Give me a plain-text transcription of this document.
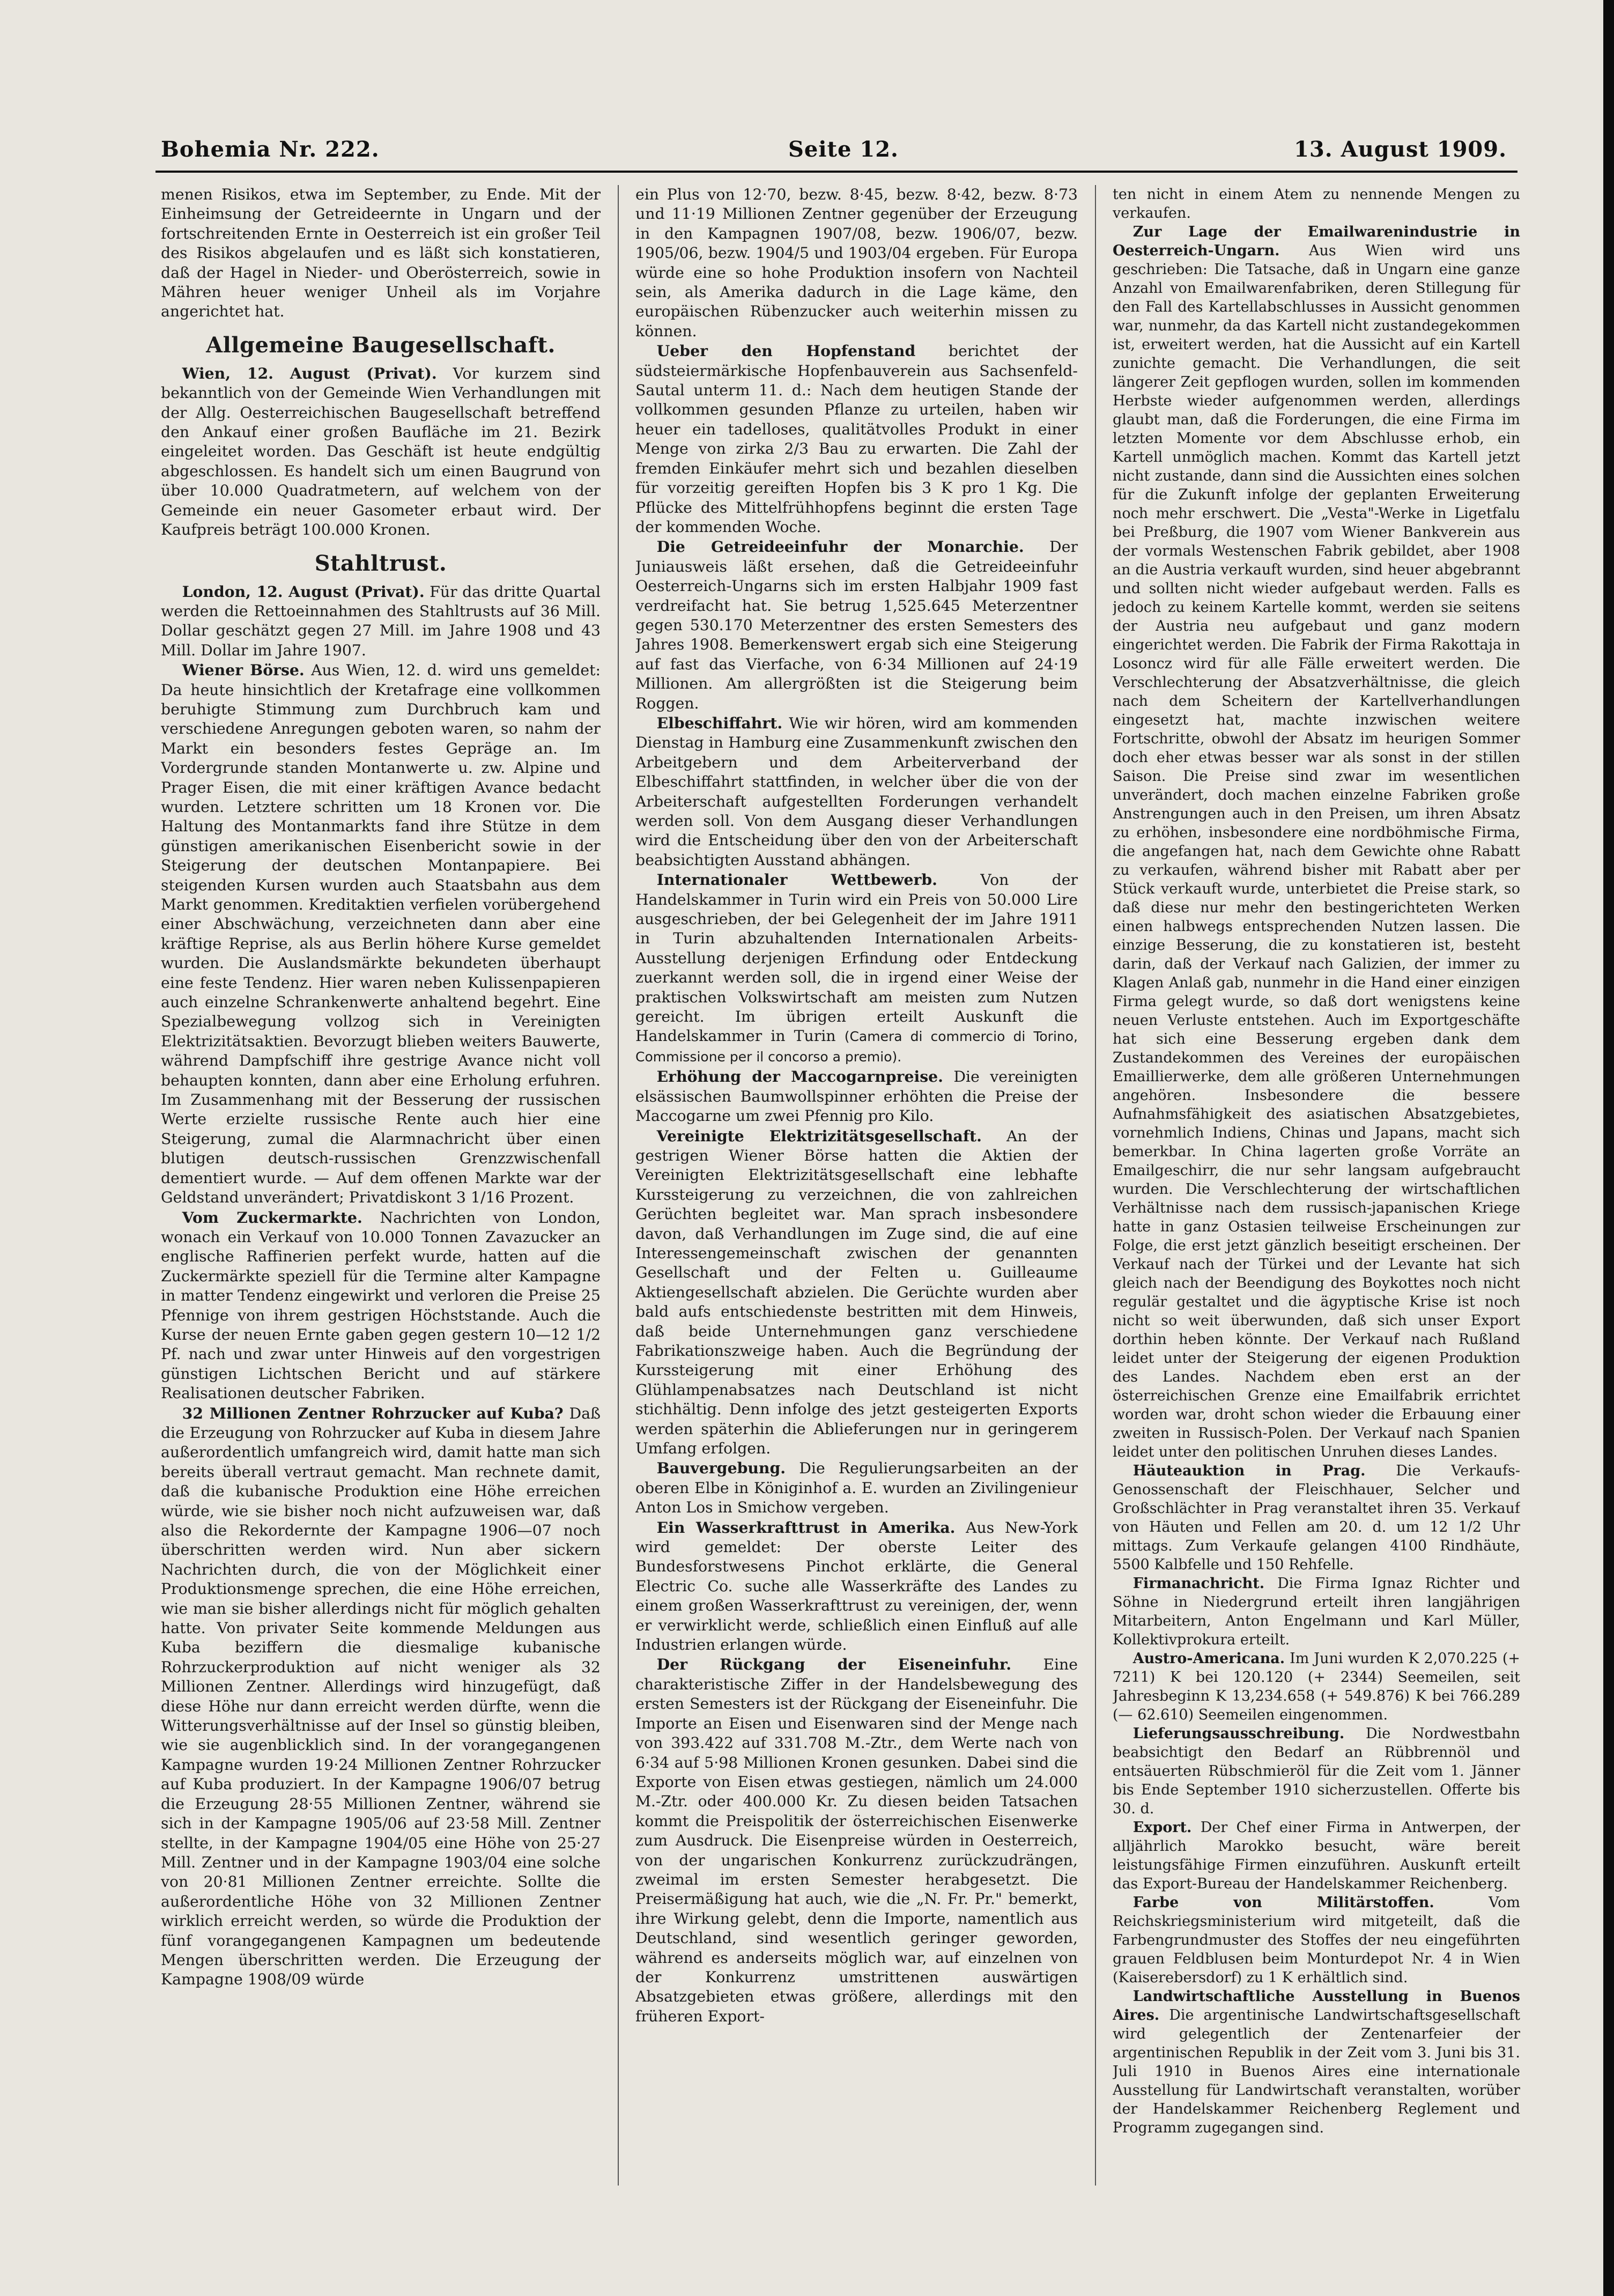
Bohemia Nr. 222.	Seite 12.	13. August 1909.

menen Risikos, etwa im September, zu Ende. Mit der Einheimsung der Getreideernte in Ungarn und der fortschreitenden Ernte in Oesterreich ist ein großer Teil des Risikos abgelaufen und es läßt sich konstatieren, daß der Hagel in Nieder- und Oberösterreich, sowie in Mähren heuer weniger Unheil als im Vorjahre angerichtet hat.

Allgemeine Baugesellschaft.

Wien, 12. August (Privat). Vor kurzem sind bekanntlich von der Gemeinde Wien Verhandlungen mit der Allg. Oesterreichischen Baugesellschaft betreffend den Ankauf einer großen Baufläche im 21. Bezirk eingeleitet worden. Das Geschäft ist heute endgültig abgeschlossen. Es handelt sich um einen Baugrund von über 10.000 Quadratmetern, auf welchem von der Gemeinde ein neuer Gasometer erbaut wird. Der Kaufpreis beträgt 100.000 Kronen.

Stahltrust.

London, 12. August (Privat). Für das dritte Quartal werden die Rettoeinnahmen des Stahltrusts auf 36 Mill. Dollar geschätzt gegen 27 Mill. im Jahre 1908 und 43 Mill. Dollar im Jahre 1907.

Wiener Börse. Aus Wien, 12. d. wird uns gemeldet: Da heute hinsichtlich der Kretafrage eine vollkommen beruhigte Stimmung zum Durchbruch kam und verschiedene Anregungen geboten waren, so nahm der Markt ein besonders festes Gepräge an. Im Vordergrunde standen Montanwerte u. zw. Alpine und Prager Eisen, die mit einer kräftigen Avance bedacht wurden. Letztere schritten um 18 Kronen vor. Die Haltung des Montanmarkts fand ihre Stütze in dem günstigen amerikanischen Eisenbericht sowie in der Steigerung der deutschen Montanpapiere. Bei steigenden Kursen wurden auch Staatsbahn aus dem Markt genommen. Kreditaktien verfielen vorübergehend einer Abschwächung, verzeichneten dann aber eine kräftige Reprise, als aus Berlin höhere Kurse gemeldet wurden. Die Auslandsmärkte bekundeten überhaupt eine feste Tendenz. Hier waren neben Kulissenpapieren auch einzelne Schrankenwerte anhaltend begehrt. Eine Spezialbewegung vollzog sich in Vereinigten Elektrizitätsaktien. Bevorzugt blieben weiters Bauwerte, während Dampfschiff ihre gestrige Avance nicht voll behaupten konnten, dann aber eine Erholung erfuhren. Im Zusammenhang mit der Besserung der russischen Werte erzielte russische Rente auch hier eine Steigerung, zumal die Alarmnachricht über einen blutigen deutsch-russischen Grenzzwischenfall dementiert wurde. — Auf dem offenen Markte war der Geldstand unverändert; Privatdiskont 3 1/16 Prozent.

Vom Zuckermarkte. Nachrichten von London, wonach ein Verkauf von 10.000 Tonnen Zavazucker an englische Raffinerien perfekt wurde, hatten auf die Zuckermärkte speziell für die Termine alter Kampagne in matter Tendenz eingewirkt und verloren die Preise 25 Pfennige von ihrem gestrigen Höchststande. Auch die Kurse der neuen Ernte gaben gegen gestern 10—12 1/2 Pf. nach und zwar unter Hinweis auf den vorgestrigen günstigen Lichtschen Bericht und auf stärkere Realisationen deutscher Fabriken.

32 Millionen Zentner Rohrzucker auf Kuba? Daß die Erzeugung von Rohrzucker auf Kuba in diesem Jahre außerordentlich umfangreich wird, damit hatte man sich bereits überall vertraut gemacht. Man rechnete damit, daß die kubanische Produktion eine Höhe erreichen würde, wie sie bisher noch nicht aufzuweisen war, daß also die Rekordernte der Kampagne 1906—07 noch überschritten werden wird. Nun aber sickern Nachrichten durch, die von der Möglichkeit einer Produktionsmenge sprechen, die eine Höhe erreichen, wie man sie bisher allerdings nicht für möglich gehalten hatte. Von privater Seite kommende Meldungen aus Kuba beziffern die diesmalige kubanische Rohrzuckerproduktion auf nicht weniger als 32 Millionen Zentner. Allerdings wird hinzugefügt, daß diese Höhe nur dann erreicht werden dürfte, wenn die Witterungsverhältnisse auf der Insel so günstig bleiben, wie sie augenblicklich sind. In der vorangegangenen Kampagne wurden 19·24 Millionen Zentner Rohrzucker auf Kuba produziert. In der Kampagne 1906/07 betrug die Erzeugung 28·55 Millionen Zentner, während sie sich in der Kampagne 1905/06 auf 23·58 Mill. Zentner stellte, in der Kampagne 1904/05 eine Höhe von 25·27 Mill. Zentner und in der Kampagne 1903/04 eine solche von 20·81 Millionen Zentner erreichte. Sollte die außerordentliche Höhe von 32 Millionen Zentner wirklich erreicht werden, so würde die Produktion der fünf vorangegangenen Kampagnen um bedeutende Mengen überschritten werden. Die Erzeugung der Kampagne 1908/09 würde

ein Plus von 12·70, bezw. 8·45, bezw. 8·42, bezw. 8·73 und 11·19 Millionen Zentner gegenüber der Erzeugung in den Kampagnen 1907/08, bezw. 1906/07, bezw. 1905/06, bezw. 1904/5 und 1903/04 ergeben. Für Europa würde eine so hohe Produktion insofern von Nachteil sein, als Amerika dadurch in die Lage käme, den europäischen Rübenzucker auch weiterhin missen zu können.

Ueber den Hopfenstand berichtet der südsteiermärkische Hopfenbauverein aus Sachsenfeld-Sautal unterm 11. d.: Nach dem heutigen Stande der vollkommen gesunden Pflanze zu urteilen, haben wir heuer ein tadelloses, qualitätvolles Produkt in einer Menge von zirka 2/3 Bau zu erwarten. Die Zahl der fremden Einkäufer mehrt sich und bezahlen dieselben für vorzeitig gereiften Hopfen bis 3 K pro 1 Kg. Die Pflücke des Mittelfrühhopfens beginnt die ersten Tage der kommenden Woche.

Die Getreideeinfuhr der Monarchie. Der Juniausweis läßt ersehen, daß die Getreideeinfuhr Oesterreich-Ungarns sich im ersten Halbjahr 1909 fast verdreifacht hat. Sie betrug 1,525.645 Meterzentner gegen 530.170 Meterzentner des ersten Semesters des Jahres 1908. Bemerkenswert ergab sich eine Steigerung auf fast das Vierfache, von 6·34 Millionen auf 24·19 Millionen. Am allergrößten ist die Steigerung beim Roggen.

Elbeschiffahrt. Wie wir hören, wird am kommenden Dienstag in Hamburg eine Zusammenkunft zwischen den Arbeitgebern und dem Arbeiterverband der Elbeschiffahrt stattfinden, in welcher über die von der Arbeiterschaft aufgestellten Forderungen verhandelt werden soll. Von dem Ausgang dieser Verhandlungen wird die Entscheidung über den von der Arbeiterschaft beabsichtigten Ausstand abhängen.

Internationaler Wettbewerb.	Von der Handelskammer in Turin wird ein Preis von 50.000 Lire ausgeschrieben, der bei Gelegenheit der im Jahre 1911 in Turin abzuhaltenden Internationalen Arbeits-Ausstellung derjenigen Erfindung oder Entdeckung zuerkannt werden soll, die in irgend einer Weise der praktischen Volkswirtschaft am meisten zum Nutzen gereicht. Im übrigen erteilt Auskunft die Handelskammer in Turin (Camera di commercio di Torino, Commissione per il concorso a premio).

Erhöhung der Maccogarnpreise. Die vereinigten elsässischen Baumwollspinner erhöhten die Preise der Maccogarne um zwei Pfennig pro Kilo.

Vereinigte Elektrizitätsgesellschaft. An der gestrigen Wiener Börse hatten die Aktien der Vereinigten Elektrizitätsgesellschaft eine lebhafte Kurssteigerung zu verzeichnen, die von zahlreichen Gerüchten begleitet war. Man sprach insbesondere davon, daß Verhandlungen im Zuge sind, die auf eine Interessengemeinschaft zwischen der genannten Gesellschaft und der Felten u. Guilleaume Aktiengesellschaft abzielen. Die Gerüchte wurden aber bald aufs entschiedenste bestritten mit dem Hinweis, daß beide Unternehmungen ganz verschiedene Fabrikationszweige haben. Auch die Begründung der Kurssteigerung mit einer Erhöhung des Glühlampenabsatzes nach Deutschland ist nicht stichhältig. Denn infolge des jetzt gesteigerten Exports werden späterhin die Ablieferungen nur in geringerem Umfang erfolgen.

Bauvergebung. Die Regulierungsarbeiten an der oberen Elbe in Königinhof a. E. wurden an Zivilingenieur Anton Los in Smichow vergeben.

Ein Wasserkrafttrust in Amerika. Aus New-York wird gemeldet: Der oberste Leiter des Bundesforstwesens Pinchot erklärte, die General Electric Co. suche alle Wasserkräfte des Landes zu einem großen Wasserkrafttrust zu vereinigen, der, wenn er verwirklicht werde, schließlich einen Einfluß auf alle Industrien erlangen würde.

Der Rückgang der Eiseneinfuhr. Eine charakteristische Ziffer in der Handelsbewegung des ersten Semesters ist der Rückgang der Eiseneinfuhr. Die Importe an Eisen und Eisenwaren sind der Menge nach von 393.422 auf 331.708 M.-Ztr., dem Werte nach von 6·34 auf 5·98 Millionen Kronen gesunken. Dabei sind die Exporte von Eisen etwas gestiegen, nämlich um 24.000 M.-Ztr. oder 400.000 Kr. Zu diesen beiden Tatsachen kommt die Preispolitik der österreichischen Eisenwerke zum Ausdruck. Die Eisenpreise würden in Oesterreich, von der ungarischen Konkurrenz zurückzudrängen, zweimal im ersten Semester herabgesetzt. Die Preisermäßigung hat auch, wie die „N. Fr. Pr." bemerkt, ihre Wirkung gelebt, denn die Importe, namentlich aus Deutschland, sind wesentlich geringer geworden, während es anderseits möglich war, auf einzelnen von der Konkurrenz umstrittenen auswärtigen Absatzgebieten etwas größere, allerdings mit den früheren Export-

ten nicht in einem Atem zu nennende Mengen zu verkaufen.

Zur Lage der Emailwarenindustrie in Oesterreich-Ungarn. Aus Wien wird uns geschrieben: Die Tatsache, daß in Ungarn eine ganze Anzahl von Emailwarenfabriken, deren Stillegung für den Fall des Kartellabschlusses in Aussicht genommen war, nunmehr, da das Kartell nicht zustandegekommen ist, erweitert werden, hat die Aussicht auf ein Kartell zunichte gemacht. Die Verhandlungen, die seit längerer Zeit gepflogen wurden, sollen im kommenden Herbste wieder aufgenommen werden, allerdings glaubt man, daß die Forderungen, die eine Firma im letzten Momente vor dem Abschlusse erhob, ein Kartell unmöglich machen. Kommt das Kartell jetzt nicht zustande, dann sind die Aussichten eines solchen für die Zukunft infolge der geplanten Erweiterung noch mehr erschwert. Die „Vesta"-Werke in Ligetfalu bei Preßburg, die 1907 vom Wiener Bankverein aus der vormals Westenschen Fabrik gebildet, aber 1908 an die Austria verkauft wurden, sind heuer abgebrannt und sollten nicht wieder aufgebaut werden. Falls es jedoch zu keinem Kartelle kommt, werden sie seitens der Austria neu aufgebaut und ganz modern eingerichtet werden. Die Fabrik der Firma Rakottaja in Losoncz wird für alle Fälle erweitert werden. Die Verschlechterung der Absatzverhältnisse, die gleich nach dem Scheitern der Kartellverhandlungen eingesetzt hat, machte inzwischen weitere Fortschritte, obwohl der Absatz im heurigen Sommer doch eher etwas besser war als sonst in der stillen Saison. Die Preise sind zwar im wesentlichen unverändert, doch machen einzelne Fabriken große Anstrengungen auch in den Preisen, um ihren Absatz zu erhöhen, insbesondere eine nordböhmische Firma, die angefangen hat, nach dem Gewichte ohne Rabatt zu verkaufen, während bisher mit Rabatt aber per Stück verkauft wurde, unterbietet die Preise stark, so daß diese nur mehr den bestingerichteten Werken einen halbwegs entsprechenden Nutzen lassen. Die einzige Besserung, die zu konstatieren ist, besteht darin, daß der Verkauf nach Galizien, der immer zu Klagen Anlaß gab, nunmehr in die Hand einer einzigen Firma gelegt wurde, so daß dort wenigstens keine neuen Verluste entstehen. Auch im Exportgeschäfte hat sich eine Besserung ergeben dank dem Zustandekommen des Vereines der europäischen Emaillierwerke, dem alle größeren Unternehmungen angehören. Insbesondere die bessere Aufnahmsfähigkeit des asiatischen Absatzgebietes, vornehmlich Indiens, Chinas und Japans, macht sich bemerkbar. In China lagerten große Vorräte an Emailgeschirr, die nur sehr langsam aufgebraucht wurden. Die Verschlechterung der wirtschaftlichen Verhältnisse nach dem russisch-japanischen Kriege hatte in ganz Ostasien teilweise Erscheinungen zur Folge, die erst jetzt gänzlich beseitigt erscheinen. Der Verkauf nach der Türkei und der Levante hat sich gleich nach der Beendigung des Boykottes noch nicht regulär gestaltet und die ägyptische Krise ist noch nicht so weit überwunden, daß sich unser Export dorthin heben könnte. Der Verkauf nach Rußland leidet unter der Steigerung der eigenen Produktion des Landes. Nachdem eben erst an der österreichischen Grenze eine Emailfabrik errichtet worden war, droht schon wieder die Erbauung einer zweiten in Russisch-Polen. Der Verkauf nach Spanien leidet unter den politischen Unruhen dieses Landes.

Häuteauktion in Prag. Die Verkaufs-Genossenschaft der Fleischhauer, Selcher und Großschlächter in Prag veranstaltet ihren 35. Verkauf von Häuten und Fellen am 20. d. um 12 1/2 Uhr mittags. Zum Verkaufe gelangen 4100 Rindhäute, 5500 Kalbfelle und 150 Rehfelle.

Firmanachricht. Die Firma Ignaz Richter und Söhne in Niedergrund erteilt ihren langjährigen Mitarbeitern, Anton Engelmann und Karl Müller, Kollektivprokura erteilt.

Austro-Americana. Im Juni wurden K 2,070.225 (+ 7211) K bei 120.120 (+ 2344) Seemeilen, seit Jahresbeginn K 13,234.658 (+ 549.876) K bei 766.289 (— 62.610) Seemeilen eingenommen.

Lieferungsausschreibung. Die Nordwestbahn beabsichtigt den Bedarf an Rübbrennöl und entsäuerten Rübschmieröl für die Zeit vom 1. Jänner bis Ende September 1910 sicherzustellen. Offerte bis 30. d.

Export. Der Chef einer Firma in Antwerpen, der alljährlich Marokko besucht, wäre bereit leistungsfähige Firmen einzuführen. Auskunft erteilt das Export-Bureau der Handelskammer Reichenberg.

Farbe von Militärstoffen.	Vom Reichskriegsministerium wird mitgeteilt, daß die Farbengrundmuster des Stoffes der neu eingeführten grauen Feldblusen beim Monturdepot Nr. 4 in Wien (Kaiserebersdorf) zu 1 K erhältlich sind.

Landwirtschaftliche Ausstellung in Buenos Aires. Die argentinische Landwirtschaftsgesellschaft wird gelegentlich der Zentenarfeier der argentinischen Republik in der Zeit vom 3. Juni bis 31. Juli 1910 in Buenos Aires eine internationale Ausstellung für Landwirtschaft veranstalten, worüber der Handelskammer Reichenberg Reglement und Programm zugegangen sind.
